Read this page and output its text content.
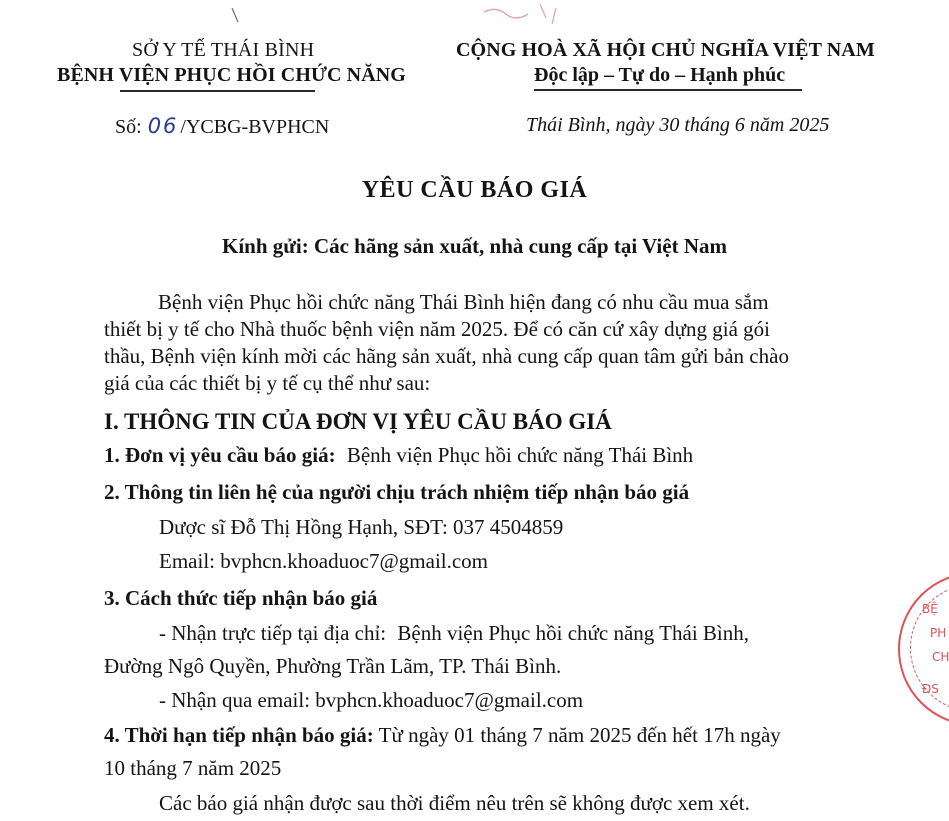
SỞ Y TẾ THÁI BÌNH
BỆNH VIỆN PHỤC HỒI CHỨC NĂNG
CỘNG HOÀ XÃ HỘI CHỦ NGHĨA VIỆT NAM
Độc lập – Tự do – Hạnh phúc
Số: 06 /YCBG-BVPHCN	Thái Bình, ngày 30 tháng 6 năm 2025
YÊU CẦU BÁO GIÁ
Kính gửi: Các hãng sản xuất, nhà cung cấp tại Việt Nam
Bệnh viện Phục hồi chức năng Thái Bình hiện đang có nhu cầu mua sắm
thiết bị y tế cho Nhà thuốc bệnh viện năm 2025. Để có căn cứ xây dựng giá gói
thầu, Bệnh viện kính mời các hãng sản xuất, nhà cung cấp quan tâm gửi bản chào
giá của các thiết bị y tế cụ thể như sau:
I. THÔNG TIN CỦA ĐƠN VỊ YÊU CẦU BÁO GIÁ
1. Đơn vị yêu cầu báo giá: Bệnh viện Phục hồi chức năng Thái Bình
2. Thông tin liên hệ của người chịu trách nhiệm tiếp nhận báo giá
Dược sĩ Đỗ Thị Hồng Hạnh, SĐT: 037 4504859
Email: bvphcn.khoaduoc7@gmail.com
3. Cách thức tiếp nhận báo giá
- Nhận trực tiếp tại địa chỉ: Bệnh viện Phục hồi chức năng Thái Bình,
Đường Ngô Quyền, Phường Trần Lãm, TP. Thái Bình.
- Nhận qua email: bvphcn.khoaduoc7@gmail.com
4. Thời hạn tiếp nhận báo giá: Từ ngày 01 tháng 7 năm 2025 đến hết 17h ngày
10 tháng 7 năm 2025
Các báo giá nhận được sau thời điểm nêu trên sẽ không được xem xét.
BỆ
PH
CH
ĐS
